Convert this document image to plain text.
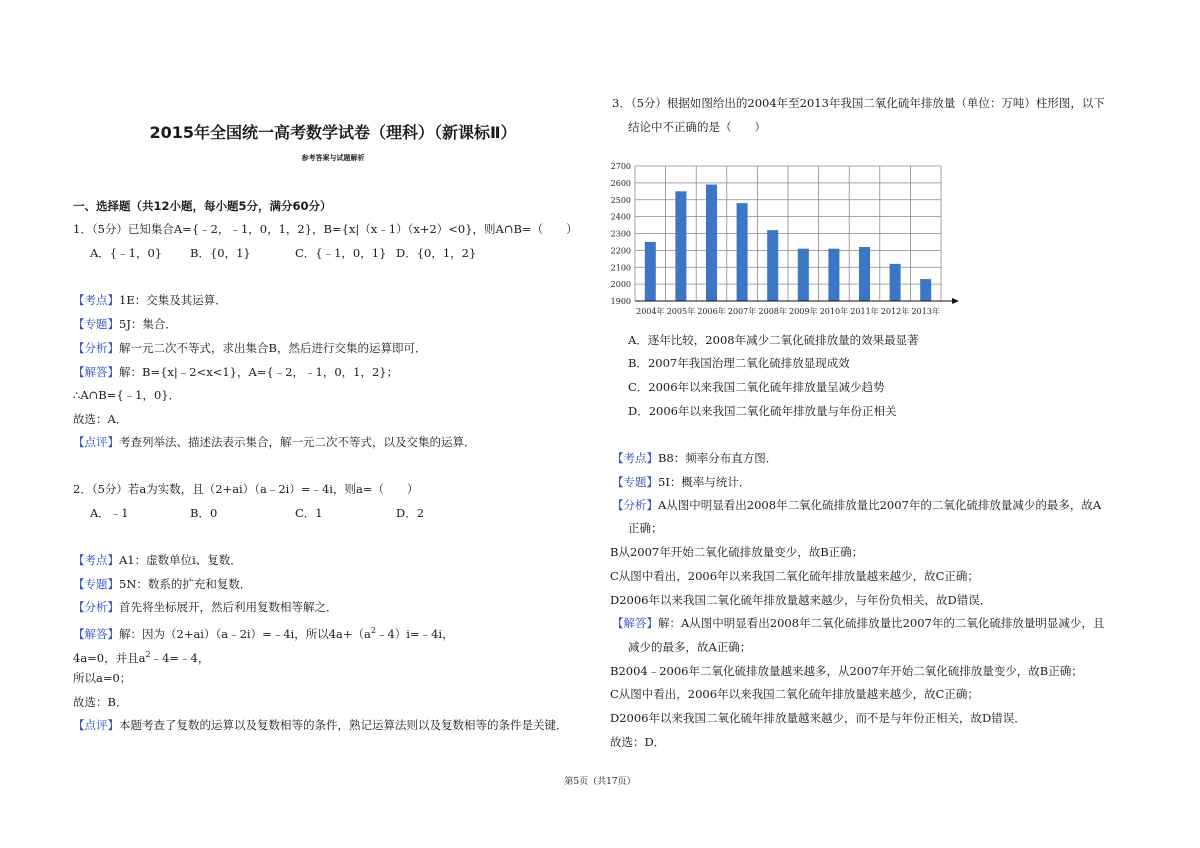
2015年全国统一高考数学试卷（理科）（新课标Ⅱ）
参考答案与试题解析
一、选择题（共12小题，每小题5分，满分60分）
1．（5分）已知集合A={﹣2，﹣1，0，1，2}，B={x|（x﹣1）（x+2）<0}，则A∩B=（　　）
A．{﹣1，0} B．{0，1}	C．{﹣1，0，1} D．{0，1，2}
【考点】1E：交集及其运算．
【专题】5J：集合．
【分析】解一元二次不等式，求出集合B，然后进行交集的运算即可．
【解答】解：B={x|﹣2<x<1}，A={﹣2，﹣1，0，1，2}；
∴A∩B={﹣1，0}．
故选：A．
【点评】考查列举法、描述法表示集合，解一元二次不等式，以及交集的运算．
2．（5分）若a为实数，且（2+ai）（a﹣2i）=﹣4i，则a=（　　）
A．﹣1	B．0	C．1	D．2
【考点】A1：虚数单位i、复数．
【专题】5N：数系的扩充和复数．
【分析】首先将坐标展开，然后利用复数相等解之．
【解答】解：因为（2+ai）（a﹣2i）=﹣4i，所以$4a+(a^2﹣4)i=﹣4i$，
4a=0，并且$a^2﹣4=﹣4$，
所以a=0；
故选：B．
【点评】本题考查了复数的运算以及复数相等的条件，熟记运算法则以及复数相等的条件是关键．
3．（5分）根据如图给出的2004年至2013年我国二氧化硫年排放量（单位：万吨）柱形图，以下
结论中不正确的是（　　）
1900
2000
2100
2200
2300
2400
2500
2600
2700
2004年 2005年 2006年 2007年 2008年 2009年 2010年 2011年 2012年 2013年
A．逐年比较，2008年减少二氧化硫排放量的效果最显著
B．2007年我国治理二氧化硫排放显现成效
C．2006年以来我国二氧化硫年排放量呈减少趋势
D．2006年以来我国二氧化硫年排放量与年份正相关
【考点】B8：频率分布直方图．
【专题】5I：概率与统计．
【分析】A从图中明显看出2008年二氧化硫排放量比2007年的二氧化硫排放量减少的最多，故A
正确；
B从2007年开始二氧化硫排放量变少，故B正确；
C从图中看出，2006年以来我国二氧化硫年排放量越来越少，故C正确；
D2006年以来我国二氧化硫年排放量越来越少，与年份负相关，故D错误．
【解答】解：A从图中明显看出2008年二氧化硫排放量比2007年的二氧化硫排放量明显减少，且
减少的最多，故A正确；
B2004﹣2006年二氧化硫排放量越来越多，从2007年开始二氧化硫排放量变少，故B正确；
C从图中看出，2006年以来我国二氧化硫年排放量越来越少，故C正确；
D2006年以来我国二氧化硫年排放量越来越少，而不是与年份正相关，故D错误．
故选：D．
第5页（共17页）
